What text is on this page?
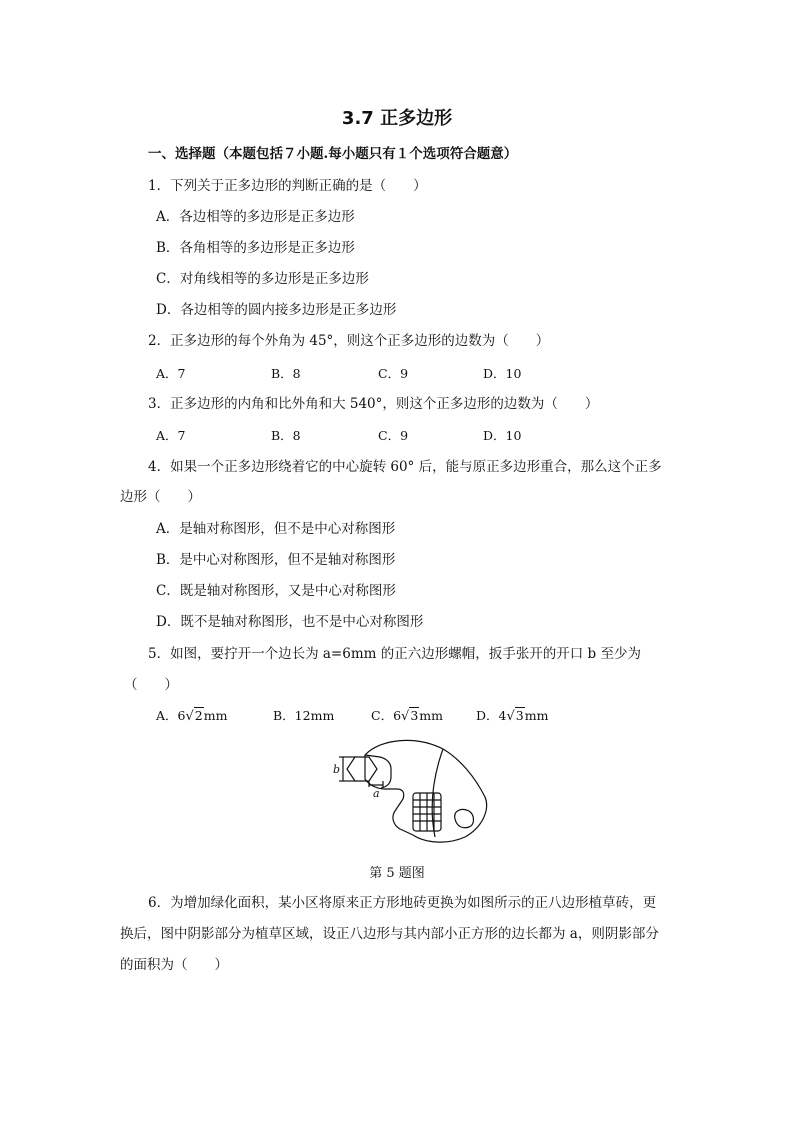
3.7 正多边形
一、选择题（本题包括７小题.每小题只有１个选项符合题意）
1．下列关于正多边形的判断正确的是（　　）
A．各边相等的多边形是正多边形
B．各角相等的多边形是正多边形
C．对角线相等的多边形是正多边形
D．各边相等的圆内接多边形是正多边形
2．正多边形的每个外角为 45°，则这个正多边形的边数为（　　）
A．7	B．8	C．9	D．10
3．正多边形的内角和比外角和大 540°，则这个正多边形的边数为（　　）
A．7	B．8	C．9	D．10
4．如果一个正多边形绕着它的中心旋转 60° 后，能与原正多边形重合，那么这个正多
边形（　　）
A．是轴对称图形，但不是中心对称图形
B．是中心对称图形，但不是轴对称图形
C．既是轴对称图形，又是中心对称图形
D．既不是轴对称图形，也不是中心对称图形
5．如图，要拧开一个边长为 a=6mm 的正六边形螺帽，扳手张开的开口 b 至少为
（　　）
A．6√2mm	B．12mm	C．6√3mm	D．4√3mm
b
a
第 5 题图
6．为增加绿化面积，某小区将原来正方形地砖更换为如图所示的正八边形植草砖，更
换后，图中阴影部分为植草区域，设正八边形与其内部小正方形的边长都为 a，则阴影部分
的面积为（　　）
